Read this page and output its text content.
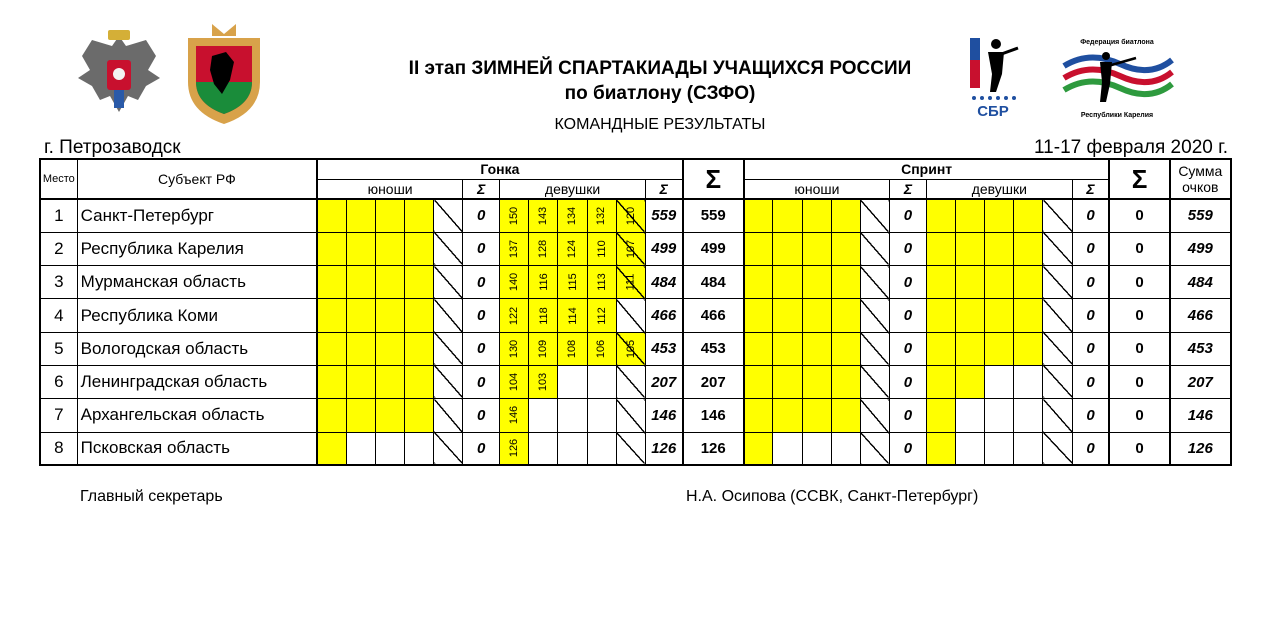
СБР
Федерация биатлона
Республики Карелия
II этап ЗИМНЕЙ СПАРТАКИАДЫ УЧАЩИХСЯ РОССИИ
по биатлону (СЗФО)
КОМАНДНЫЕ РЕЗУЛЬТАТЫ
г. Петрозаводск	11-17 февраля 2020 г.
Место	Субъект РФ	Гонка												Σ	Спринт												Σ	Сумма очков
		юноши					Σ	девушки					Σ		юноши					Σ	девушки					Σ		
1	Санкт-Петербург						0	150	143	134	132	120	559	559						0						0	0	559
2	Республика Карелия						0	137	128	124	110	107	499	499						0						0	0	499
3	Мурманская область						0	140	116	115	113	111	484	484						0						0	0	484
4	Республика Коми						0	122	118	114	112		466	466						0						0	0	466
5	Вологодская область						0	130	109	108	106	105	453	453						0						0	0	453
6	Ленинградская область						0	104	103				207	207						0						0	0	207
7	Архангельская область						0	146					146	146						0						0	0	146
8	Псковская область						0	126					126	126						0						0	0	126
Главный секретарь	Н.А. Осипова (ССВК, Санкт-Петербург)
